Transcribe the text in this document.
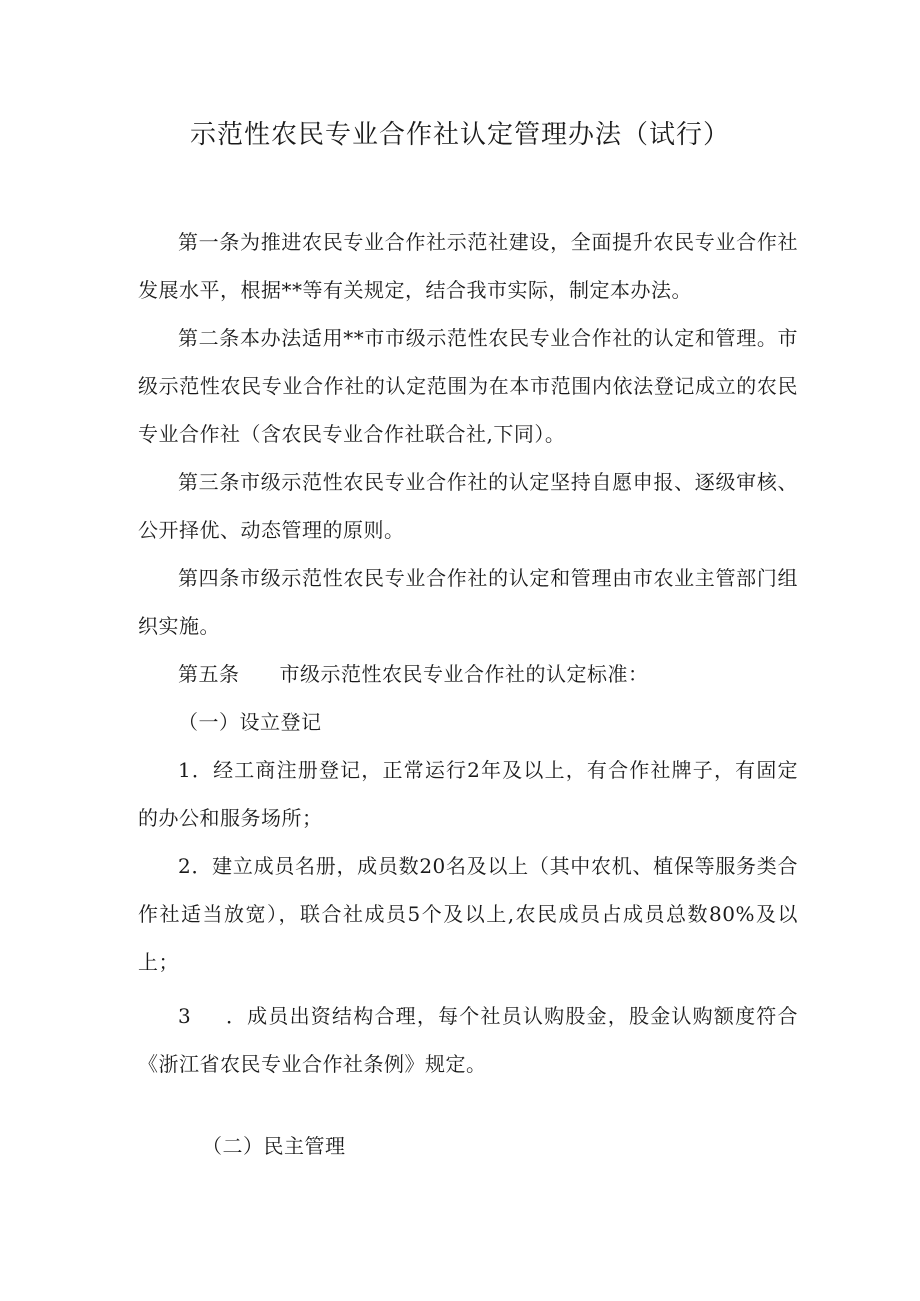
示范性农民专业合作社认定管理办法（试行）

第一条为推进农民专业合作社示范社建设，全面提升农民专业合作社发展水平，根据**等有关规定，结合我市实际，制定本办法。

第二条本办法适用**市市级示范性农民专业合作社的认定和管理。市级示范性农民专业合作社的认定范围为在本市范围内依法登记成立的农民专业合作社（含农民专业合作社联合社,下同）。

第三条市级示范性农民专业合作社的认定坚持自愿申报、逐级审核、公开择优、动态管理的原则。

第四条市级示范性农民专业合作社的认定和管理由市农业主管部门组织实施。

第五条 市级示范性农民专业合作社的认定标准：

（一）设立登记

1．经工商注册登记，正常运行2年及以上，有合作社牌子，有固定的办公和服务场所；

2．建立成员名册，成员数20名及以上（其中农机、植保等服务类合作社适当放宽），联合社成员5个及以上,农民成员占成员总数80%及以上；

3 ．成员出资结构合理，每个社员认购股金，股金认购额度符合《浙江省农民专业合作社条例》规定。

（二）民主管理
